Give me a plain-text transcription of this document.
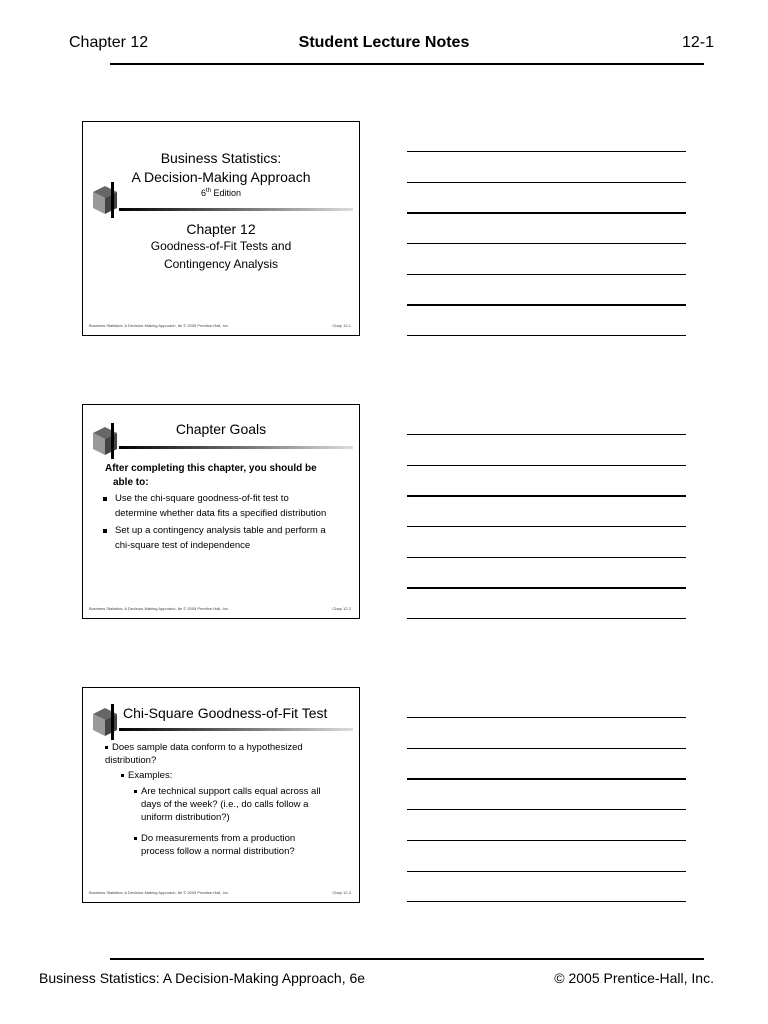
Chapter 12	Student Lecture Notes	12-1
Business Statistics:
A Decision-Making Approach
6th Edition
Chapter 12
Goodness-of-Fit Tests and
Contingency Analysis
Business Statistics: A Decision-Making Approach, 6e © 2005 Prentice-Hall, Inc.	Chap 12-1
Chapter Goals
After completing this chapter, you should be
able to:
Use the chi-square goodness-of-fit test to
determine whether data fits a specified distribution
Set up a contingency analysis table and perform a
chi-square test of independence
Business Statistics: A Decision-Making Approach, 6e © 2005 Prentice-Hall, Inc.	Chap 12-2
Chi-Square Goodness-of-Fit Test
Does sample data conform to a hypothesized
distribution?
Examples:
Are technical support calls equal across all
days of the week? (i.e., do calls follow a
uniform distribution?)
Do measurements from a production
process follow a normal distribution?
Business Statistics: A Decision-Making Approach, 6e © 2005 Prentice-Hall, Inc.	Chap 12-3
Business Statistics: A Decision-Making Approach, 6e	© 2005 Prentice-Hall, Inc.
